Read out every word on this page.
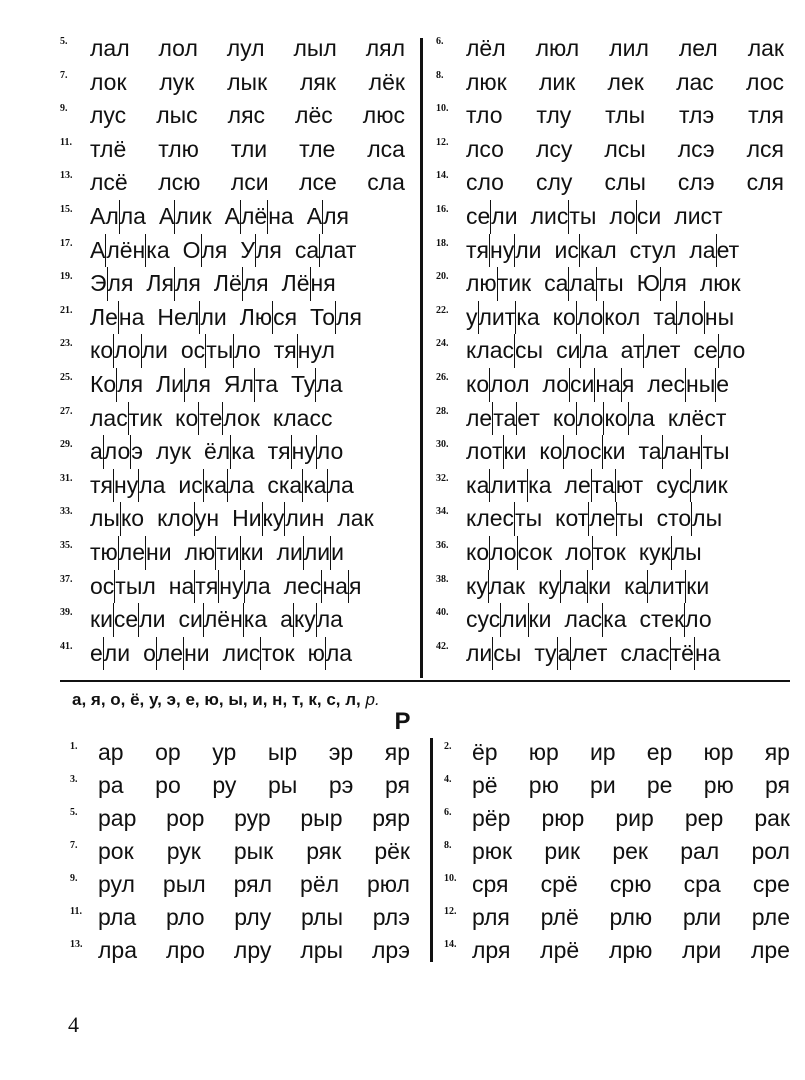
5. лал лол лул лыл лял
7. лок лук лык ляк лёк
9. лус лыс ляс лёс люс
11. тлё тлю тли тле лса
13. лсё лсю лси лсе сла
15. Алла Алик Алёна Аля
17. Алёнка Оля Уля салат
19. Эля Ляля Лёля Лёня
21. Лена Нелли Люся Толя
23. кололи остыло тянул
25. Коля Лиля Ялта Тула
27. ластик котелок класс
29. алоэ лук ёлка тянуло
31. тянула искала скакала
33. лыко клоун Никулин лак
35. тюлени лютики лилии
37. остыл натянула лесная
39. кисели силёнка акула
41. ели олени листок юла
6. лёл люл лил лел лак
8. люк лик лек лас лос
10. тло тлу тлы тлэ тля
12. лсо лсу лсы лсэ лся
14. сло слу слы слэ сля
16. сели листы лоси лист
18. тянули искал стул лает
20. лютик салаты Юля люк
22. улитка колокол талоны
24. классы сила атлет село
26. колол лосиная лесные
28. летает колокола клёст
30. лотки колоски таланты
32. калитка летают суслик
34. клесты котлеты столы
36. колосок лоток куклы
38. кулак кулаки калитки
40. суслики ласка стекло
42. лисы туалет сластёна
а, я, о, ё, у, э, е, ю, ы, и, н, т, к, с, л, р.
Р
1. ар ор ур ыр эр яр
3. ра ро ру ры рэ ря
5. рар рор рур рыр ряр
7. рок рук рык ряк рёк
9. рул рыл рял рёл рюл
11. рла рло рлу рлы рлэ
13. лра лро лру лры лрэ
2. ёр юр ир ер юр яр
4. рё рю ри ре рю ря
6. рёр рюр рир рер рак
8. рюк рик рек рал рол
10. сря срё срю сра сре
12. рля рлё рлю рли рле
14. лря лрё лрю лри лре
4
